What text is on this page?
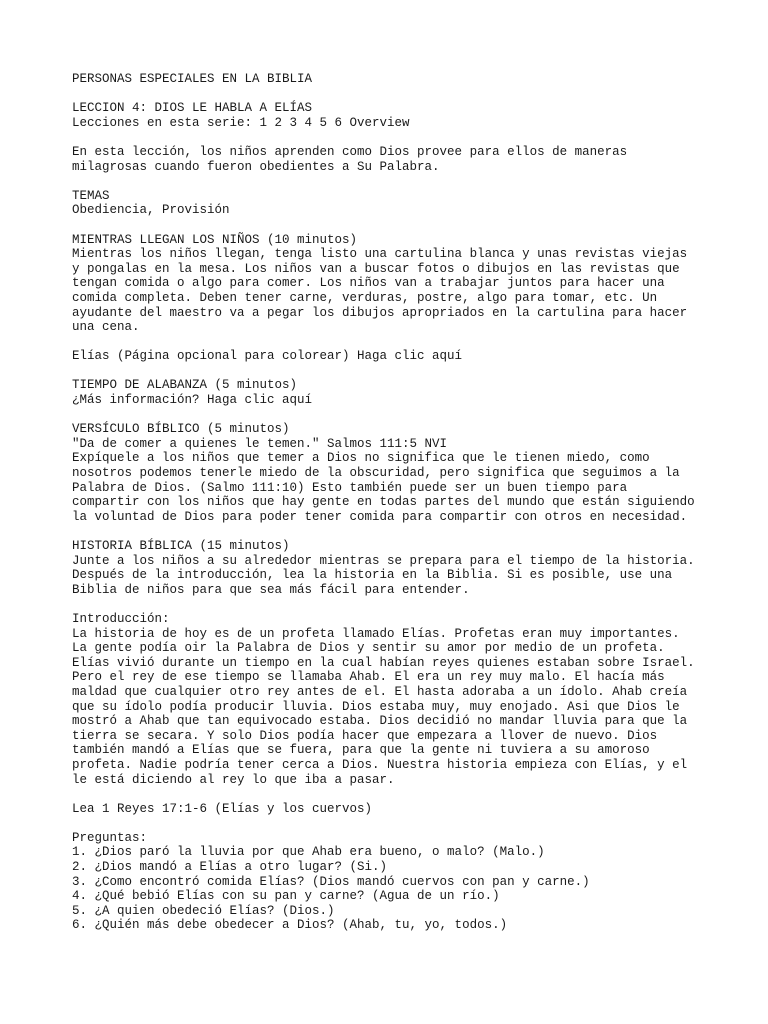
PERSONAS ESPECIALES EN LA BIBLIA
LECCION 4: DIOS LE HABLA A ELÍAS
Lecciones en esta serie: 1 2 3 4 5 6 Overview
En esta lección, los niños aprenden como Dios provee para ellos de maneras
milagrosas cuando fueron obedientes a Su Palabra.
TEMAS
Obediencia, Provisión
MIENTRAS LLEGAN LOS NIÑOS (10 minutos)
Mientras los niños llegan, tenga listo una cartulina blanca y unas revistas viejas
y pongalas en la mesa. Los niños van a buscar fotos o dibujos en las revistas que
tengan comida o algo para comer. Los niños van a trabajar juntos para hacer una
comida completa. Deben tener carne, verduras, postre, algo para tomar, etc. Un
ayudante del maestro va a pegar los dibujos apropriados en la cartulina para hacer
una cena.
Elías (Página opcional para colorear) Haga clic aquí
TIEMPO DE ALABANZA (5 minutos)
¿Más información? Haga clic aquí
VERSÍCULO BÍBLICO (5 minutos)
"Da de comer a quienes le temen." Salmos 111:5 NVI
Expíquele a los niños que temer a Dios no significa que le tienen miedo, como
nosotros podemos tenerle miedo de la obscuridad, pero significa que seguimos a la
Palabra de Dios. (Salmo 111:10) Esto también puede ser un buen tiempo para
compartir con los niños que hay gente en todas partes del mundo que están siguiendo
la voluntad de Dios para poder tener comida para compartir con otros en necesidad.
HISTORIA BÍBLICA (15 minutos)
Junte a los niños a su alrededor mientras se prepara para el tiempo de la historia.
Después de la introducción, lea la historia en la Biblia. Si es posible, use una
Biblia de niños para que sea más fácil para entender.
Introducción:
La historia de hoy es de un profeta llamado Elías. Profetas eran muy importantes.
La gente podía oir la Palabra de Dios y sentir su amor por medio de un profeta.
Elías vivió durante un tiempo en la cual habían reyes quienes estaban sobre Israel.
Pero el rey de ese tiempo se llamaba Ahab. El era un rey muy malo. El hacía más
maldad que cualquier otro rey antes de el. El hasta adoraba a un ídolo. Ahab creía
que su ídolo podía producir lluvia. Dios estaba muy, muy enojado. Asi que Dios le
mostró a Ahab que tan equivocado estaba. Dios decidió no mandar lluvia para que la
tierra se secara. Y solo Dios podía hacer que empezara a llover de nuevo. Dios
también mandó a Elías que se fuera, para que la gente ni tuviera a su amoroso
profeta. Nadie podría tener cerca a Dios. Nuestra historia empieza con Elías, y el
le está diciendo al rey lo que iba a pasar.
Lea 1 Reyes 17:1-6 (Elías y los cuervos)
Preguntas:
1. ¿Dios paró la lluvia por que Ahab era bueno, o malo? (Malo.)
2. ¿Dios mandó a Elías a otro lugar? (Si.)
3. ¿Como encontró comida Elías? (Dios mandó cuervos con pan y carne.)
4. ¿Qué bebió Elías con su pan y carne? (Agua de un río.)
5. ¿A quien obedeció Elías? (Dios.)
6. ¿Quién más debe obedecer a Dios? (Ahab, tu, yo, todos.)
